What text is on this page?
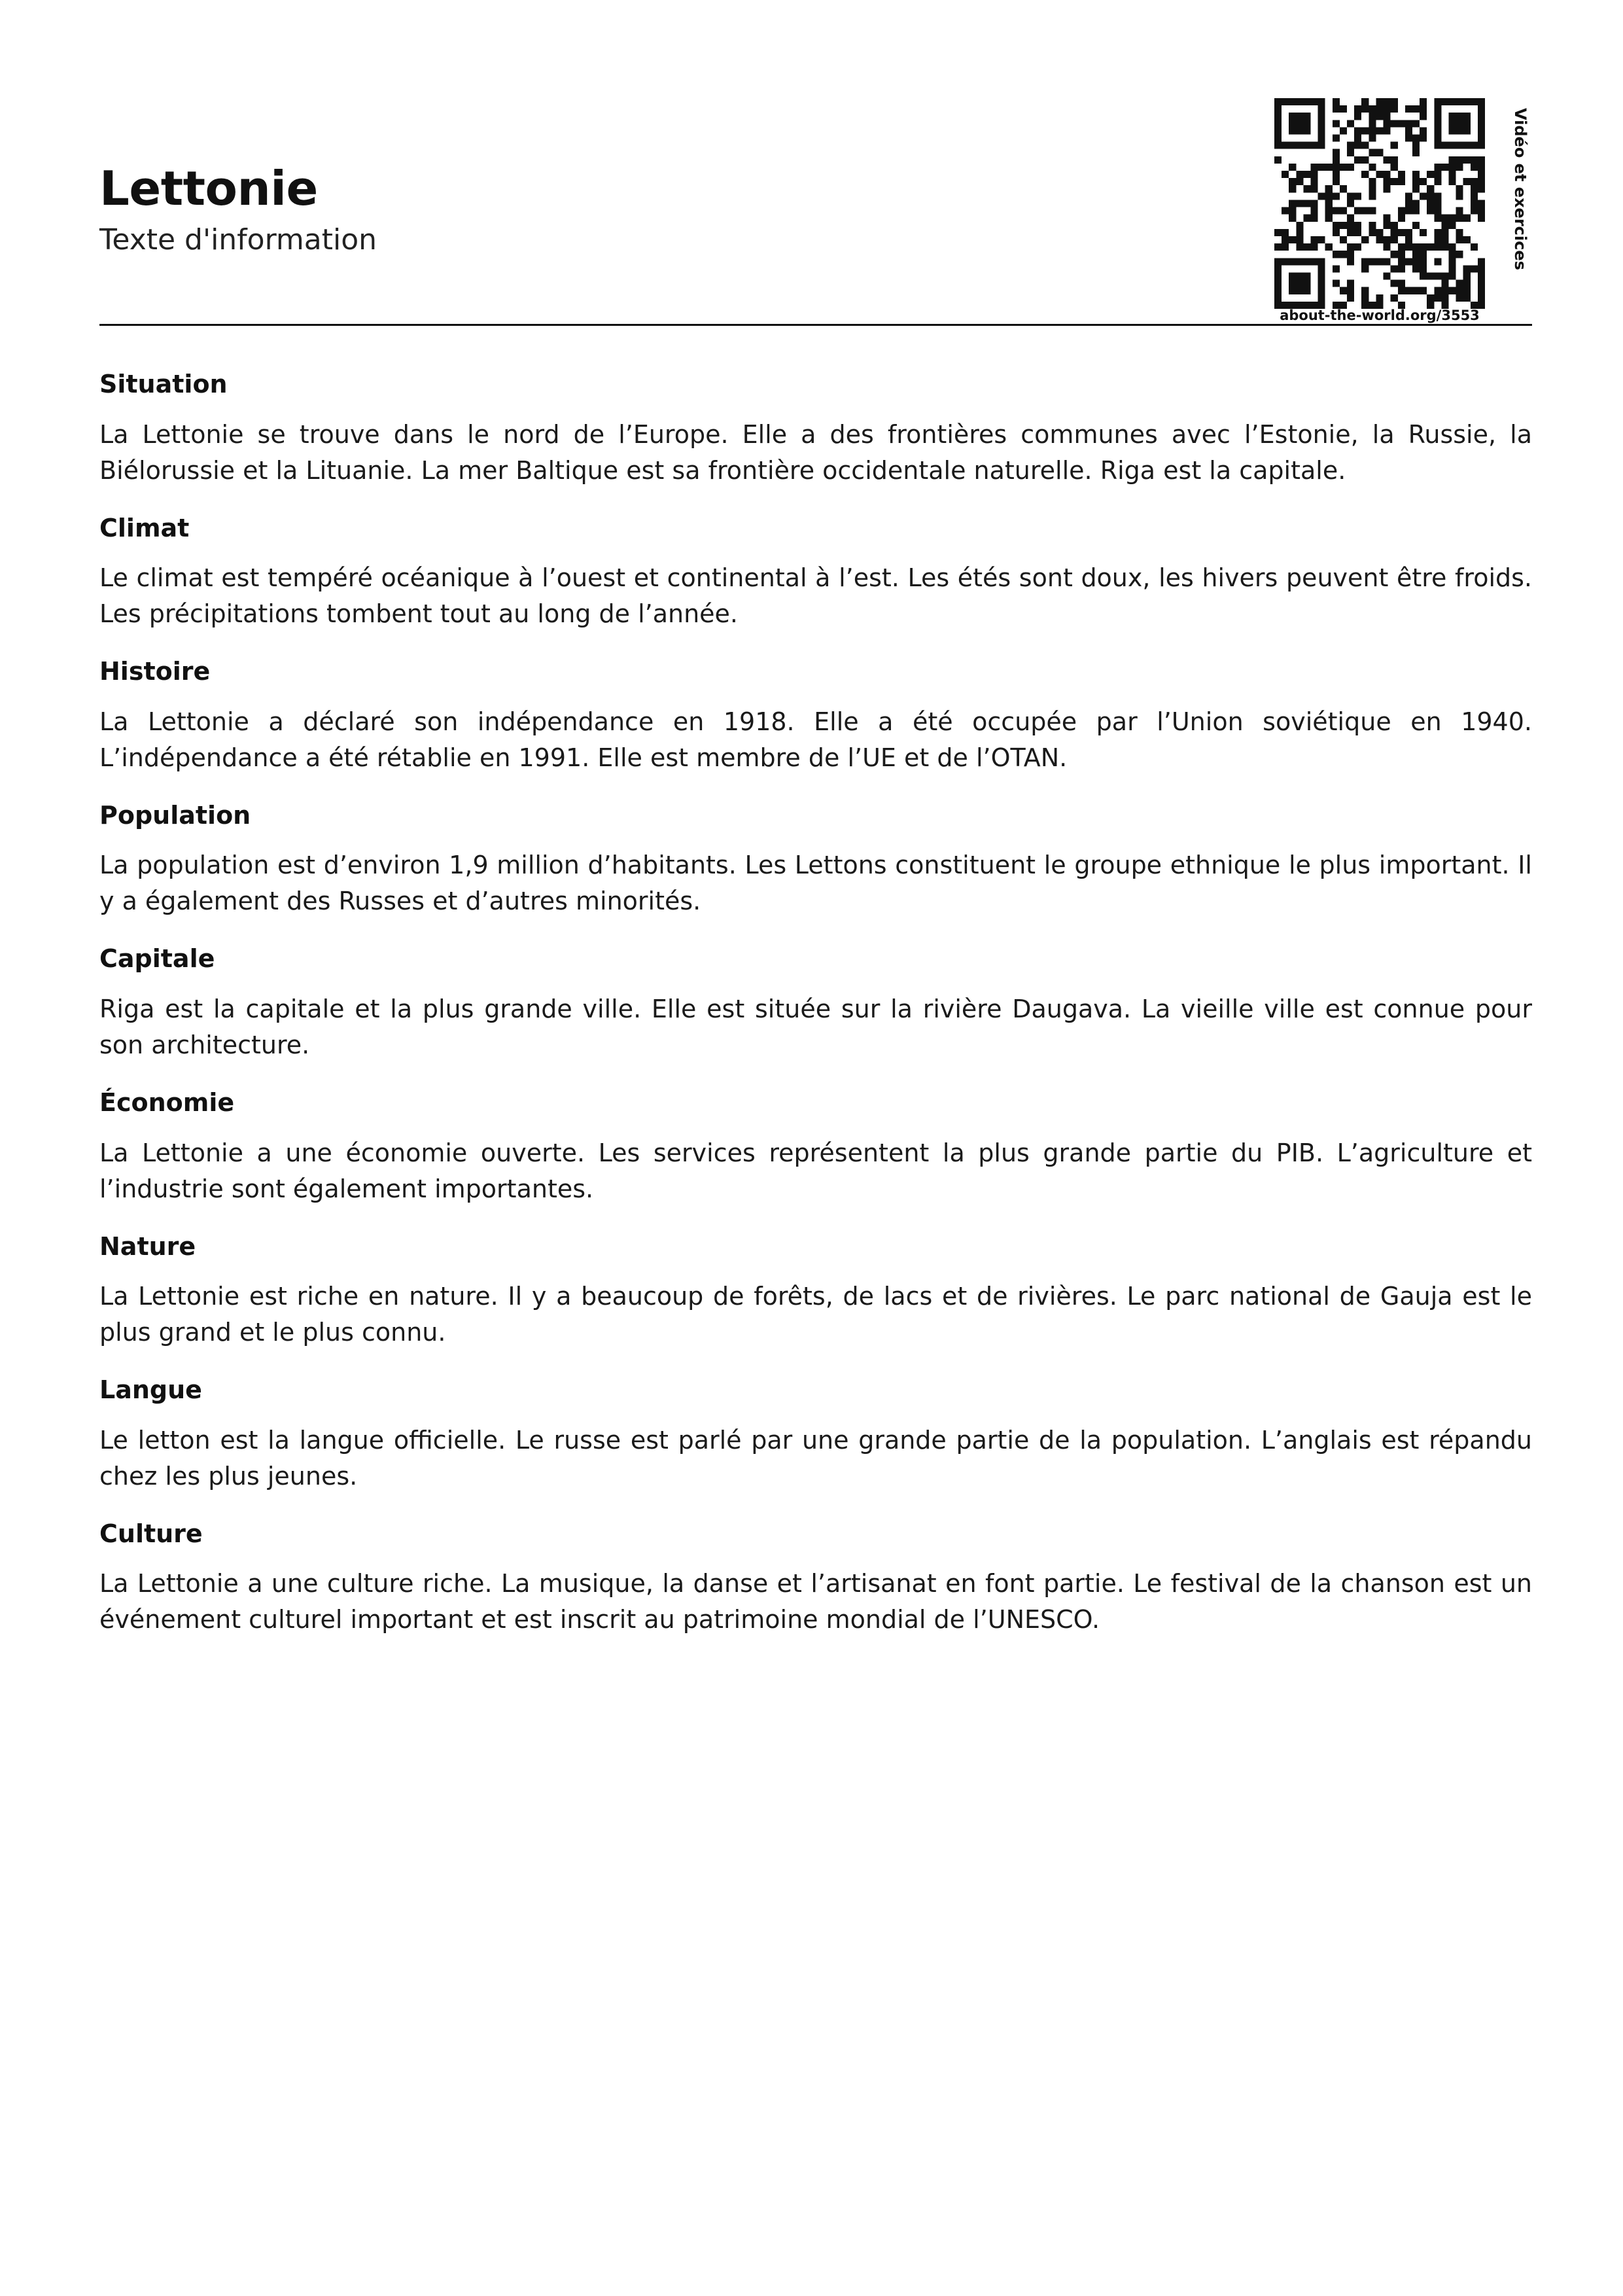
Lettonie

Texte d'information

about-the-world.org/3553
Vidéo et exercices
Situation

La Lettonie se trouve dans le nord de l’Europe. Elle a des frontières communes avec l’Estonie, la Russie, la Biélorussie et la Lituanie. La mer Baltique est sa frontière occidentale naturelle. Riga est la capitale.

Climat

Le climat est tempéré océanique à l’ouest et continental à l’est. Les étés sont doux, les hivers peuvent être froids. Les précipitations tombent tout au long de l’année.

Histoire

La Lettonie a déclaré son indépendance en 1918. Elle a été occupée par l’Union soviétique en 1940. L’indépendance a été rétablie en 1991. Elle est membre de l’UE et de l’OTAN.

Population

La population est d’environ 1,9 million d’habitants. Les Lettons constituent le groupe ethnique le plus important. Il y a également des Russes et d’autres minorités.

Capitale

Riga est la capitale et la plus grande ville. Elle est située sur la rivière Daugava. La vieille ville est connue pour son architecture.

Économie

La Lettonie a une économie ouverte. Les services représentent la plus grande partie du PIB. L’agriculture et l’industrie sont également importantes.

Nature

La Lettonie est riche en nature. Il y a beaucoup de forêts, de lacs et de rivières. Le parc national de Gauja est le plus grand et le plus connu.

Langue

Le letton est la langue officielle. Le russe est parlé par une grande partie de la population. L’anglais est répandu chez les plus jeunes.

Culture

La Lettonie a une culture riche. La musique, la danse et l’artisanat en font partie. Le festival de la chanson est un événement culturel important et est inscrit au patrimoine mondial de l’UNESCO.
